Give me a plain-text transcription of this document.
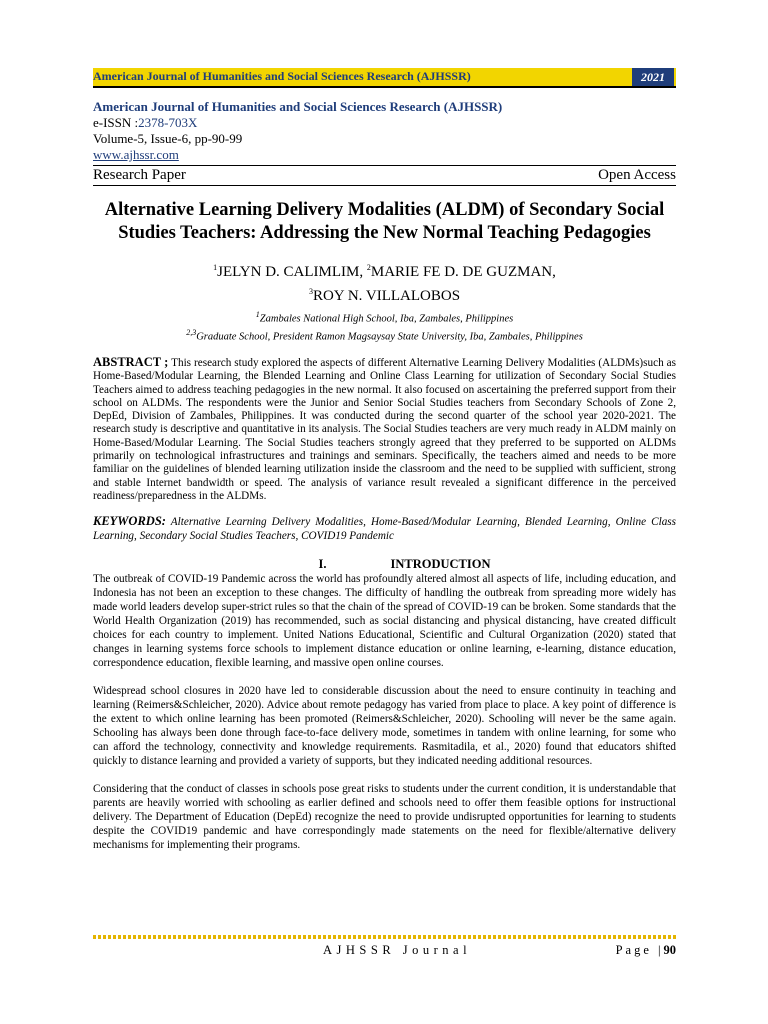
American Journal of Humanities and Social Sciences Research (AJHSSR)	2021
American Journal of Humanities and Social Sciences Research (AJHSSR)
e-ISSN :2378-703X
Volume-5, Issue-6, pp-90-99
www.ajhssr.com
Research Paper	Open Access
Alternative Learning Delivery Modalities (ALDM) of Secondary Social Studies Teachers: Addressing the New Normal Teaching Pedagogies
$^1$JELYN D. CALIMLIM, $^2$MARIE FE D. DE GUZMAN,
$^3$ROY N. VILLALOBOS
$^1$Zambales National High School, Iba, Zambales, Philippines
$^{2,3}$Graduate School, President Ramon Magsaysay State University, Iba, Zambales, Philippines
ABSTRACT ; This research study explored the aspects of different Alternative Learning Delivery Modalities (ALDMs)such as Home-Based/Modular Learning, the Blended Learning and Online Class Learning for utilization of Secondary Social Studies Teachers aimed to address teaching pedagogies in the new normal. It also focused on ascertaining the preferred support from their school on ALDMs. The respondents were the Junior and Senior Social Studies teachers from Secondary Schools of Zone 2, DepEd, Division of Zambales, Philippines. It was conducted during the second quarter of the school year 2020-2021. The research study is descriptive and quantitative in its analysis. The Social Studies teachers are very much ready in ALDM mainly on Home-Based/Modular Learning. The Social Studies teachers strongly agreed that they preferred to be supported on ALDMs primarily on technological infrastructures and trainings and seminars. Specifically, the teachers aimed and needs to be more familiar on the guidelines of blended learning utilization inside the classroom and the need to be supplied with sufficient, strong and stable Internet bandwidth or speed. The analysis of variance result revealed a significant difference in the perceived readiness/preparedness in the ALDMs.
KEYWORDS: Alternative Learning Delivery Modalities, Home-Based/Modular Learning, Blended Learning, Online Class Learning, Secondary Social Studies Teachers, COVID19 Pandemic
I.	INTRODUCTION
The outbreak of COVID-19 Pandemic across the world has profoundly altered almost all aspects of life, including education, and Indonesia has not been an exception to these changes. The difficulty of handling the outbreak from spreading more widely has made world leaders develop super-strict rules so that the chain of the spread of COVID-19 can be broken. Some standards that the World Health Organization (2019) has recommended, such as social distancing and physical distancing, have created difficult choices for each country to implement. United Nations Educational, Scientific and Cultural Organization (2020) stated that changes in learning systems force schools to implement distance education or online learning, e-learning, distance education, correspondence education, flexible learning, and massive open online courses.
Widespread school closures in 2020 have led to considerable discussion about the need to ensure continuity in teaching and learning (Reimers&Schleicher, 2020). Advice about remote pedagogy has varied from place to place. A key point of difference is the extent to which online learning has been promoted (Reimers&Schleicher, 2020). Schooling will never be the same again. Schooling has always been done through face-to-face delivery mode, sometimes in tandem with online learning, for some who can afford the technology, connectivity and knowledge requirements. Rasmitadila, et al., 2020) found that educators shifted quickly to distance learning and provided a variety of supports, but they indicated needing additional resources.
Considering that the conduct of classes in schools pose great risks to students under the current condition, it is understandable that parents are heavily worried with schooling as earlier defined and schools need to offer them feasible options for instructional delivery. The Department of Education (DepEd) recognize the need to provide undisrupted opportunities for learning to students despite the COVID19 pandemic and have correspondingly made statements on the need for flexible/alternative delivery mechanisms for implementing their programs.
AJHSSR Journal	Page |90
